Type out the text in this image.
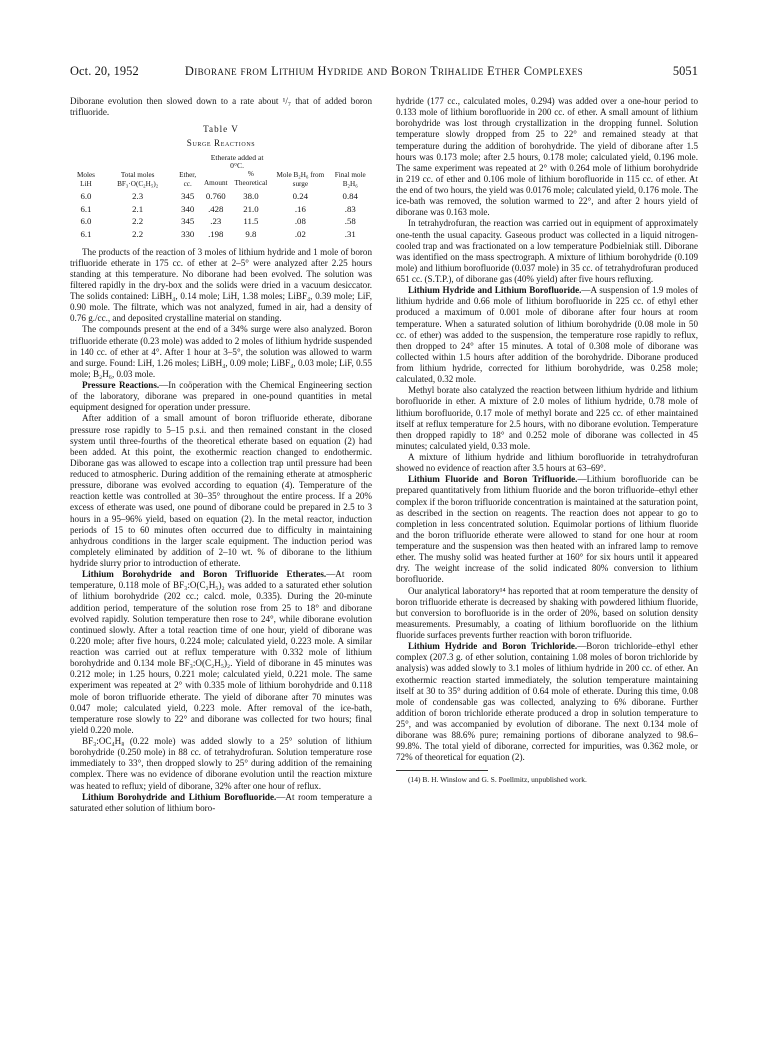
Oct. 20, 1952	Diborane from Lithium Hydride and Boron Trihalide Ether Complexes	5051

Diborane evolution then slowed down to a rate about ¹/₇ that of added boron trifluoride.

Table V
Surge Reactions
Moles LiH	Total moles BF₃·O(C₂H₅)₂	Ether, cc.	Etherate added at 0°C.		Mole B₂H₆ from surge	Final mole B₂H₆
			Amount	% Theoretical		
6.0	2.3	345	0.760	38.0	0.24	0.84
6.1	2.1	340	.428	21.0	.16	.83
6.0	2.2	345	.23	11.5	.08	.58
6.1	2.2	330	.198	9.8	.02	.31

The products of the reaction of 3 moles of lithium hydride and 1 mole of boron trifluoride etherate in 175 cc. of ether at 2–5° were analyzed after 2.25 hours standing at this temperature. No diborane had been evolved. The solution was filtered rapidly in the dry-box and the solids were dried in a vacuum desiccator. The solids contained: LiBH₄, 0.14 mole; LiH, 1.38 moles; LiBF₄, 0.39 mole; LiF, 0.90 mole. The filtrate, which was not analyzed, fumed in air, had a density of 0.76 g./cc., and deposited crystalline material on standing.

The compounds present at the end of a 34% surge were also analyzed. Boron trifluoride etherate (0.23 mole) was added to 2 moles of lithium hydride suspended in 140 cc. of ether at 4°. After 1 hour at 3–5°, the solution was allowed to warm and surge. Found: LiH, 1.26 moles; LiBH₄, 0.09 mole; LiBF₄, 0.03 mole; LiF, 0.55 mole; B₂H₆, 0.03 mole.

Pressure Reactions.—In coöperation with the Chemical Engineering section of the laboratory, diborane was prepared in one-pound quantities in metal equipment designed for operation under pressure.

After addition of a small amount of boron trifluoride etherate, diborane pressure rose rapidly to 5–15 p.s.i. and then remained constant in the closed system until three-fourths of the theoretical etherate based on equation (2) had been added. At this point, the exothermic reaction changed to endothermic. Diborane gas was allowed to escape into a collection trap until pressure had been reduced to atmospheric. During addition of the remaining etherate at atmospheric pressure, diborane was evolved according to equation (4). Temperature of the reaction kettle was controlled at 30–35° throughout the entire process. If a 20% excess of etherate was used, one pound of diborane could be prepared in 2.5 to 3 hours in a 95–96% yield, based on equation (2). In the metal reactor, induction periods of 15 to 60 minutes often occurred due to difficulty in maintaining anhydrous conditions in the larger scale equipment. The induction period was completely eliminated by addition of 2–10 wt. % of diborane to the lithium hydride slurry prior to introduction of etherate.

Lithium Borohydride and Boron Trifluoride Etherates.—At room temperature, 0.118 mole of BF₃:O(C₂H₅)₂ was added to a saturated ether solution of lithium borohydride (202 cc.; calcd. mole, 0.335). During the 20-minute addition period, temperature of the solution rose from 25 to 18° and diborane evolved rapidly. Solution temperature then rose to 24°, while diborane evolution continued slowly. After a total reaction time of one hour, yield of diborane was 0.220 mole; after five hours, 0.224 mole; calculated yield, 0.223 mole. A similar reaction was carried out at reflux temperature with 0.332 mole of lithium borohydride and 0.134 mole BF₃:O(C₂H₅)₂. Yield of diborane in 45 minutes was 0.212 mole; in 1.25 hours, 0.221 mole; calculated yield, 0.221 mole. The same experiment was repeated at 2° with 0.335 mole of lithium borohydride and 0.118 mole of boron trifluoride etherate. The yield of diborane after 70 minutes was 0.047 mole; calculated yield, 0.223 mole. After removal of the ice-bath, temperature rose slowly to 22° and diborane was collected for two hours; final yield 0.220 mole.

BF₃:OC₄H₈ (0.22 mole) was added slowly to a 25° solution of lithium borohydride (0.250 mole) in 88 cc. of tetrahydrofuran. Solution temperature rose immediately to 33°, then dropped slowly to 25° during addition of the remaining complex. There was no evidence of diborane evolution until the reaction mixture was heated to reflux; yield of diborane, 32% after one hour of reflux.

Lithium Borohydride and Lithium Borofluoride.—At room temperature a saturated ether solution of lithium boro-

hydride (177 cc., calculated moles, 0.294) was added over a one-hour period to 0.133 mole of lithium borofluoride in 200 cc. of ether. A small amount of lithium borohydride was lost through crystallization in the dropping funnel. Solution temperature slowly dropped from 25 to 22° and remained steady at that temperature during the addition of borohydride. The yield of diborane after 1.5 hours was 0.173 mole; after 2.5 hours, 0.178 mole; calculated yield, 0.196 mole. The same experiment was repeated at 2° with 0.264 mole of lithium borohydride in 219 cc. of ether and 0.106 mole of lithium borofluoride in 115 cc. of ether. At the end of two hours, the yield was 0.0176 mole; calculated yield, 0.176 mole. The ice-bath was removed, the solution warmed to 22°, and after 2 hours yield of diborane was 0.163 mole.

In tetrahydrofuran, the reaction was carried out in equipment of approximately one-tenth the usual capacity. Gaseous product was collected in a liquid nitrogen-cooled trap and was fractionated on a low temperature Podbielniak still. Diborane was identified on the mass spectrograph. A mixture of lithium borohydride (0.109 mole) and lithium borofluoride (0.037 mole) in 35 cc. of tetrahydrofuran produced 651 cc. (S.T.P.), of diborane gas (40% yield) after five hours refluxing.

Lithium Hydride and Lithium Borofluoride.—A suspension of 1.9 moles of lithium hydride and 0.66 mole of lithium borofluoride in 225 cc. of ethyl ether produced a maximum of 0.001 mole of diborane after four hours at room temperature. When a saturated solution of lithium borohydride (0.08 mole in 50 cc. of ether) was added to the suspension, the temperature rose rapidly to reflux, then dropped to 24° after 15 minutes. A total of 0.308 mole of diborane was collected within 1.5 hours after addition of the borohydride. Diborane produced from lithium hydride, corrected for lithium borohydride, was 0.258 mole; calculated, 0.32 mole.

Methyl borate also catalyzed the reaction between lithium hydride and lithium borofluoride in ether. A mixture of 2.0 moles of lithium hydride, 0.78 mole of lithium borofluoride, 0.17 mole of methyl borate and 225 cc. of ether maintained itself at reflux temperature for 2.5 hours, with no diborane evolution. Temperature then dropped rapidly to 18° and 0.252 mole of diborane was collected in 45 minutes; calculated yield, 0.33 mole.

A mixture of lithium hydride and lithium borofluoride in tetrahydrofuran showed no evidence of reaction after 3.5 hours at 63–69°.

Lithium Fluoride and Boron Trifluoride.—Lithium borofluoride can be prepared quantitatively from lithium fluoride and the boron trifluoride–ethyl ether complex if the boron trifluoride concentration is maintained at the saturation point, as described in the section on reagents. The reaction does not appear to go to completion in less concentrated solution. Equimolar portions of lithium fluoride and the boron trifluoride etherate were allowed to stand for one hour at room temperature and the suspension was then heated with an infrared lamp to remove ether. The mushy solid was heated further at 160° for six hours until it appeared dry. The weight increase of the solid indicated 80% conversion to lithium borofluoride.

Our analytical laboratory¹⁴ has reported that at room temperature the density of boron trifluoride etherate is decreased by shaking with powdered lithium fluoride, but conversion to borofluoride is in the order of 20%, based on solution density measurements. Presumably, a coating of lithium borofluoride on the lithium fluoride surfaces prevents further reaction with boron trifluoride.

Lithium Hydride and Boron Trichloride.—Boron trichloride–ethyl ether complex (207.3 g. of ether solution, containing 1.08 moles of boron trichloride by analysis) was added slowly to 3.1 moles of lithium hydride in 200 cc. of ether. An exothermic reaction started immediately, the solution temperature maintaining itself at 30 to 35° during addition of 0.64 mole of etherate. During this time, 0.08 mole of condensable gas was collected, analyzing to 6% diborane. Further addition of boron trichloride etherate produced a drop in solution temperature to 25°, and was accompanied by evolution of diborane. The next 0.134 mole of diborane was 88.6% pure; remaining portions of diborane analyzed to 98.6–99.8%. The total yield of diborane, corrected for impurities, was 0.362 mole, or 72% of theoretical for equation (2).

(14) B. H. Winslow and G. S. Poellmitz, unpublished work.
